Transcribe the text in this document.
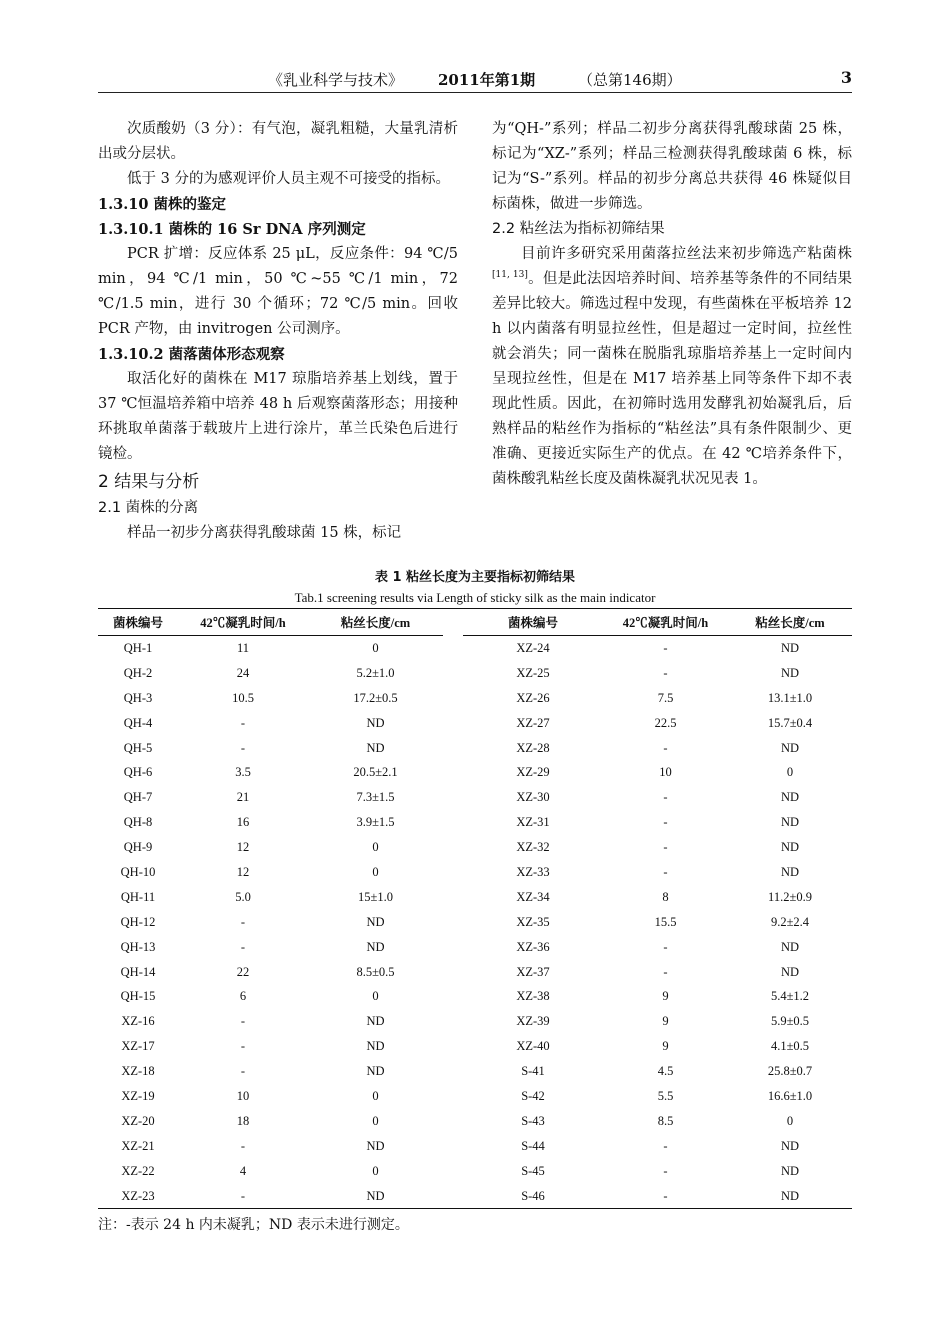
《乳业科学与技术》 2011年第1期	（总第146期）	3

次质酸奶（3 分）：有气泡，凝乳粗糙，大量乳清析出或分层状。

低于 3 分的为感观评价人员主观不可接受的指标。

1.3.10 菌株的鉴定
1.3.10.1 菌株的 16 Sr DNA 序列测定

PCR 扩增：反应体系 25 μL，反应条件：94 ℃/5 min，94 ℃/1 min，50 ℃~55 ℃/1 min，72 ℃/1.5 min，进行 30 个循环；72 ℃/5 min。回收 PCR 产物，由 invitrogen 公司测序。

1.3.10.2 菌落菌体形态观察

取活化好的菌株在 M17 琼脂培养基上划线，置于 37 ℃恒温培养箱中培养 48 h 后观察菌落形态；用接种环挑取单菌落于载玻片上进行涂片，革兰氏染色后进行镜检。

2 结果与分析
2.1 菌株的分离

样品一初步分离获得乳酸球菌 15 株，标记

为“QH-”系列；样品二初步分离获得乳酸球菌 25 株，标记为“XZ-”系列；样品三检测获得乳酸球菌 6 株，标记为“S-”系列。样品的初步分离总共获得 46 株疑似目标菌株，做进一步筛选。

2.2 粘丝法为指标初筛结果

目前许多研究采用菌落拉丝法来初步筛选产粘菌株[11, 13]。但是此法因培养时间、培养基等条件的不同结果差异比较大。筛选过程中发现，有些菌株在平板培养 12 h 以内菌落有明显拉丝性，但是超过一定时间，拉丝性就会消失；同一菌株在脱脂乳琼脂培养基上一定时间内呈现拉丝性，但是在 M17 培养基上同等条件下却不表现此性质。因此，在初筛时选用发酵乳初始凝乳后，后熟样品的粘丝作为指标的“粘丝法”具有条件限制少、更准确、更接近实际生产的优点。在 42 ℃培养条件下，菌株酸乳粘丝长度及菌株凝乳状况见表 1。

表 1 粘丝长度为主要指标初筛结果
Tab.1 screening results via Length of sticky silk as the main indicator
菌株编号	42℃凝乳时间/h	粘丝长度/cm		菌株编号	42℃凝乳时间/h	粘丝长度/cm
QH-1	11	0		XZ-24	-	ND
QH-2	24	5.2±1.0		XZ-25	-	ND
QH-3	10.5	17.2±0.5		XZ-26	7.5	13.1±1.0
QH-4	-	ND		XZ-27	22.5	15.7±0.4
QH-5	-	ND		XZ-28	-	ND
QH-6	3.5	20.5±2.1		XZ-29	10	0
QH-7	21	7.3±1.5		XZ-30	-	ND
QH-8	16	3.9±1.5		XZ-31	-	ND
QH-9	12	0		XZ-32	-	ND
QH-10	12	0		XZ-33	-	ND
QH-11	5.0	15±1.0		XZ-34	8	11.2±0.9
QH-12	-	ND		XZ-35	15.5	9.2±2.4
QH-13	-	ND		XZ-36	-	ND
QH-14	22	8.5±0.5		XZ-37	-	ND
QH-15	6	0		XZ-38	9	5.4±1.2
XZ-16	-	ND		XZ-39	9	5.9±0.5
XZ-17	-	ND		XZ-40	9	4.1±0.5
XZ-18	-	ND		S-41	4.5	25.8±0.7
XZ-19	10	0		S-42	5.5	16.6±1.0
XZ-20	18	0		S-43	8.5	0
XZ-21	-	ND		S-44	-	ND
XZ-22	4	0		S-45	-	ND
XZ-23	-	ND		S-46	-	ND
注：-表示 24 h 内未凝乳；ND 表示未进行测定。
